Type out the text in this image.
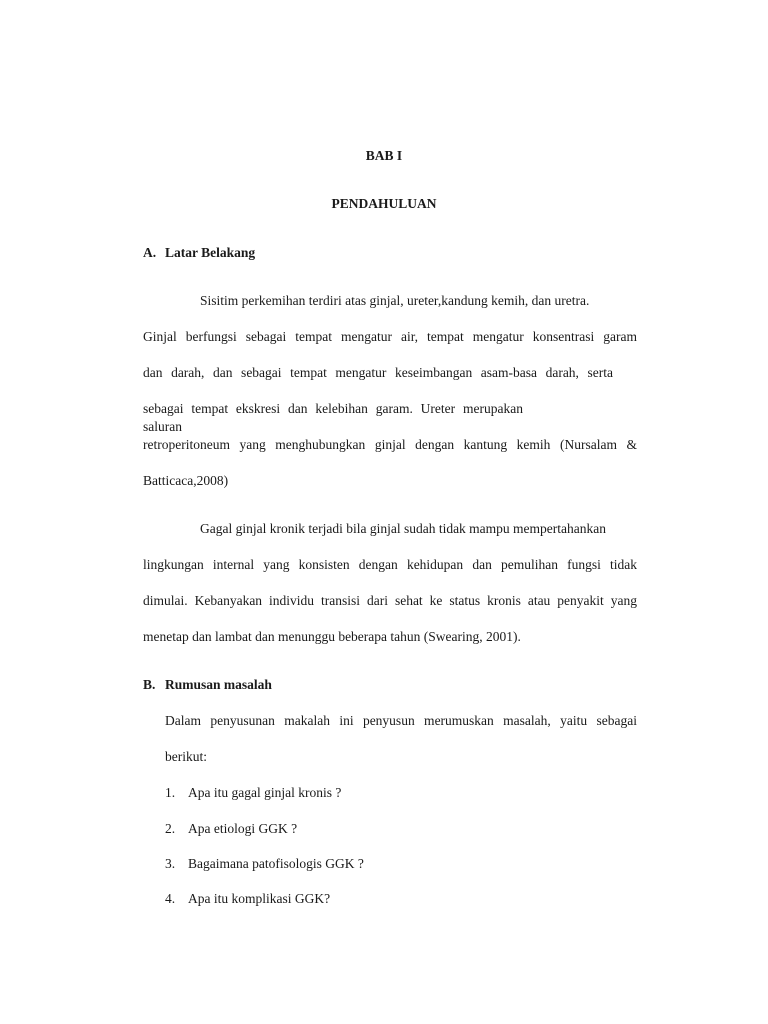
BAB I
PENDAHULUAN
A. Latar Belakang
Sisitim perkemihan terdiri atas ginjal, ureter,kandung kemih, dan uretra.
Ginjal berfungsi sebagai tempat mengatur air, tempat mengatur konsentrasi garam
dan darah, dan sebagai tempat mengatur keseimbangan asam-basa darah, serta
sebagai tempat ekskresi dan kelebihan garam. Ureter merupakan saluran
retroperitoneum yang menghubungkan ginjal dengan kantung kemih (Nursalam &
Batticaca,2008)
Gagal ginjal kronik terjadi bila ginjal sudah tidak mampu mempertahankan
lingkungan internal yang konsisten dengan kehidupan dan pemulihan fungsi tidak
dimulai. Kebanyakan individu transisi dari sehat ke status kronis atau penyakit yang
menetap dan lambat dan menunggu beberapa tahun (Swearing, 2001).
B. Rumusan masalah
Dalam penyusunan makalah ini penyusun merumuskan masalah, yaitu sebagai
berikut:
1. Apa itu gagal ginjal kronis ?
2. Apa etiologi GGK ?
3. Bagaimana patofisologis GGK ?
4. Apa itu komplikasi GGK?
